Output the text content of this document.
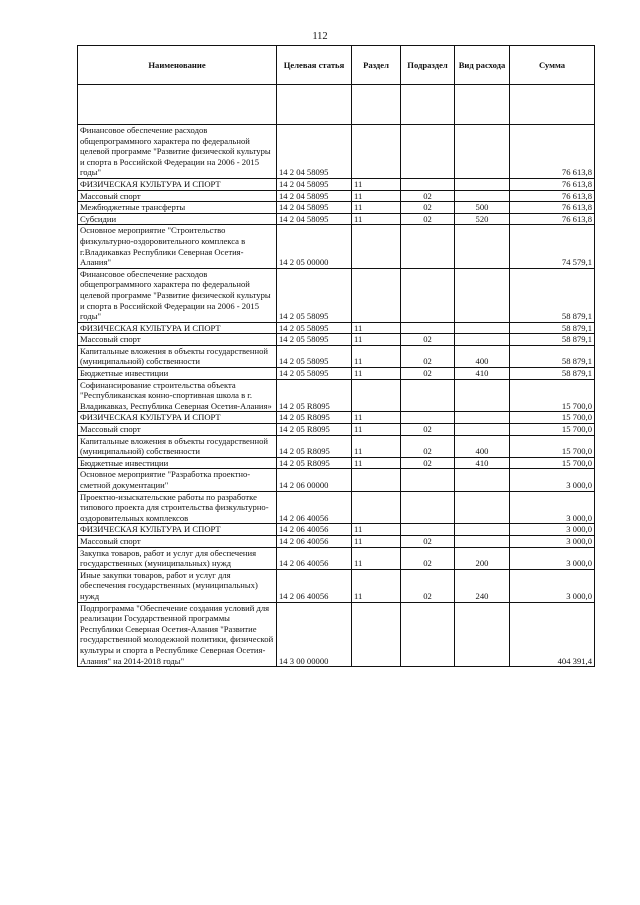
112
Наименование	Целевая статья	Раздел	Подраздел	Вид расхода	Сумма

Финансовое обеспечение расходов общепрограммного характера по федеральной целевой программе "Развитие физической культуры и спорта в Российской Федерации на 2006 - 2015 годы"	14 2 04 58095				76 613,8
ФИЗИЧЕСКАЯ КУЛЬТУРА И СПОРТ	14 2 04 58095	11			76 613,8
Массовый спорт	14 2 04 58095	11	02		76 613,8
Межбюджетные трансферты	14 2 04 58095	11	02	500	76 613,8
Субсидии	14 2 04 58095	11	02	520	76 613,8
Основное мероприятие "Строительство физкультурно-оздоровительного комплекса в г.Владикавказ Республики Северная Осетия-Алания"	14 2 05 00000				74 579,1
Финансовое обеспечение расходов общепрограммного характера по федеральной целевой программе "Развитие физической культуры и спорта в Российской Федерации на 2006 - 2015 годы"	14 2 05 58095				58 879,1
ФИЗИЧЕСКАЯ КУЛЬТУРА И СПОРТ	14 2 05 58095	11			58 879,1
Массовый спорт	14 2 05 58095	11	02		58 879,1
Капитальные вложения в объекты государственной (муниципальной) собственности	14 2 05 58095	11	02	400	58 879,1
Бюджетные инвестиции	14 2 05 58095	11	02	410	58 879,1
Софинансирование строительства объекта "Республиканская конно-спортивная школа в г. Владикавказ, Республика Северная Осетия-Алания»	14 2 05 R8095				15 700,0
ФИЗИЧЕСКАЯ КУЛЬТУРА И СПОРТ	14 2 05 R8095	11			15 700,0
Массовый спорт	14 2 05 R8095	11	02		15 700,0
Капитальные вложения в объекты государственной (муниципальной) собственности	14 2 05 R8095	11	02	400	15 700,0
Бюджетные инвестиции	14 2 05 R8095	11	02	410	15 700,0
Основное мероприятие "Разработка проектно-сметной документации"	14 2 06 00000				3 000,0
Проектно-изыскательские работы по разработке типового проекта для строительства физкультурно-оздоровительных комплексов	14 2 06 40056				3 000,0
ФИЗИЧЕСКАЯ КУЛЬТУРА И СПОРТ	14 2 06 40056	11			3 000,0
Массовый спорт	14 2 06 40056	11	02		3 000,0
Закупка товаров, работ и услуг для обеспечения государственных (муниципальных) нужд	14 2 06 40056	11	02	200	3 000,0
Иные закупки товаров, работ и услуг для обеспечения государственных (муниципальных) нужд	14 2 06 40056	11	02	240	3 000,0
Подпрограмма "Обеспечение создания условий для реализации Государственной программы Республики Северная Осетия-Алания "Развитие государственной молодежной политики, физической культуры и спорта в Республике Северная Осетия-Алания" на 2014-2018 годы"	14 3 00 00000				404 391,4
